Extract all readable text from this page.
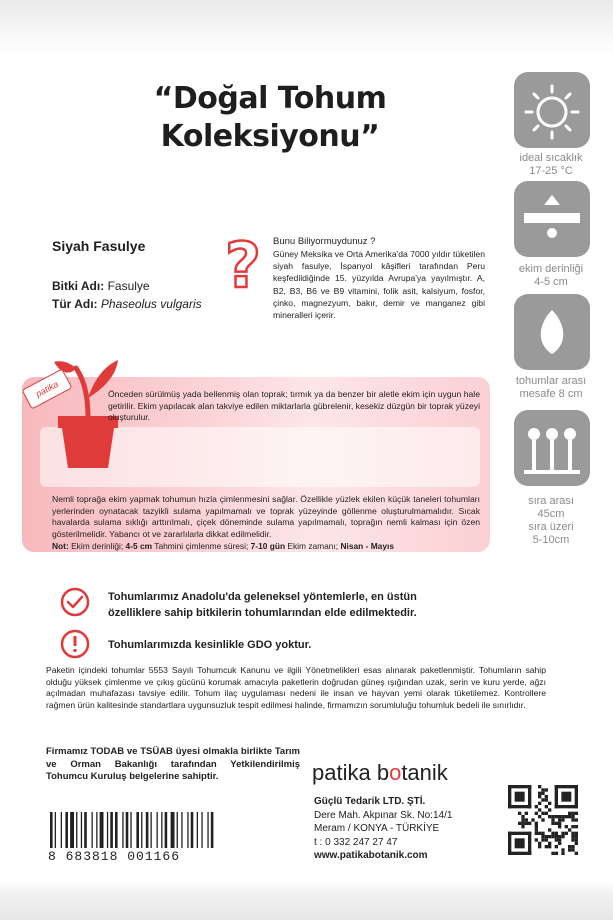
“Doğal Tohum
Koleksiyonu”
Siyah Fasulye
Bitki Adı: Fasulye
Tür Adı: Phaseolus vulgaris
? Bunu Biliyormuydunuz ?
Güney Meksika ve Orta Amerika'da 7000 yıldır tüketilen siyah fasulye, İspanyol kâşifleri tarafından Peru keşfedildiğinde 15. yüzyılda Avrupa'ya yayılmıştır. A, B2, B3, B6 ve B9 vitamini, folik asit, kalsiyum, fosfor, çinko, magnezyum, bakır, demir ve manganez gibi mineralleri içerir.
patika	Önceden sürülmüş yada bellenmiş olan toprak; tırmık ya da benzer bir aletle ekim için uygun hale getirilir. Ekim yapılacak alan takviye edilen miktarlarla gübrelenir, kesekiz düzgün bir toprak yüzeyi oluşturulur.
Nemli toprağa ekim yapmak tohumun hızla çimlenmesini sağlar. Özellikle yüzlek ekilen küçük taneleri tohumları yerlerinden oynatacak tazyikli sulama yapılmamalı ve toprak yüzeyinde göllenme oluşturulmamalıdır. Sıcak havalarda sulama sıklığı arttırılmalı, çiçek döneminde sulama yapılmamalı, toprağın nemli kalması için özen gösterilmelidir. Yabancı ot ve zararlılarla dikkat edilmelidir.
Not: Ekim derinliği; 4-5 cm Tahmini çimlenme süresi; 7-10 gün Ekim zamanı; Nisan - Mayıs
ideal sıcaklık
17-25 °C
ekim derinliği
4-5 cm
tohumlar arası
mesafe 8 cm
sıra arası
45cm
sıra üzeri
5-10cm
Tohumlarımız Anadolu'da geleneksel yöntemlerle, en üstün özelliklere sahip bitkilerin tohumlarından elde edilmektedir.
Tohumlarımızda kesinlikle GDO yoktur.
Paketin içindeki tohumlar 5553 Sayılı Tohumcuk Kanunu ve ilgili Yönetmelikleri esas alınarak paketlenmiştir. Tohumların sahip olduğu yüksek çimlenme ve çıkış gücünü korumak amacıyla paketlerin doğrudan güneş ışığından uzak, serin ve kuru yerde, ağzı açılmadan muhafazası tavsiye edilir. Tohum ilaç uygulaması nedeni ile insan ve hayvan yemi olarak tüketilemez. Kontrollere rağmen ürün kalitesinde standartlara uygunsuzluk tespit edilmesi halinde, firmamızın sorumluluğu tohumluk bedeli ile sınırlıdır.
Firmamız TODAB ve TSÜAB üyesi olmakla birlikte Tarım ve Orman Bakanlığı tarafından Yetkilendirilmiş Tohumcu Kuruluş belgelerine sahiptir.	patika botanik
Güçlü Tedarik LTD. ŞTİ.
Dere Mah. Akpınar Sk. No:14/1
Meram / KONYA - TÜRKİYE
t : 0 332 247 27 47
www.patikabotanik.com
8 683818 001166
